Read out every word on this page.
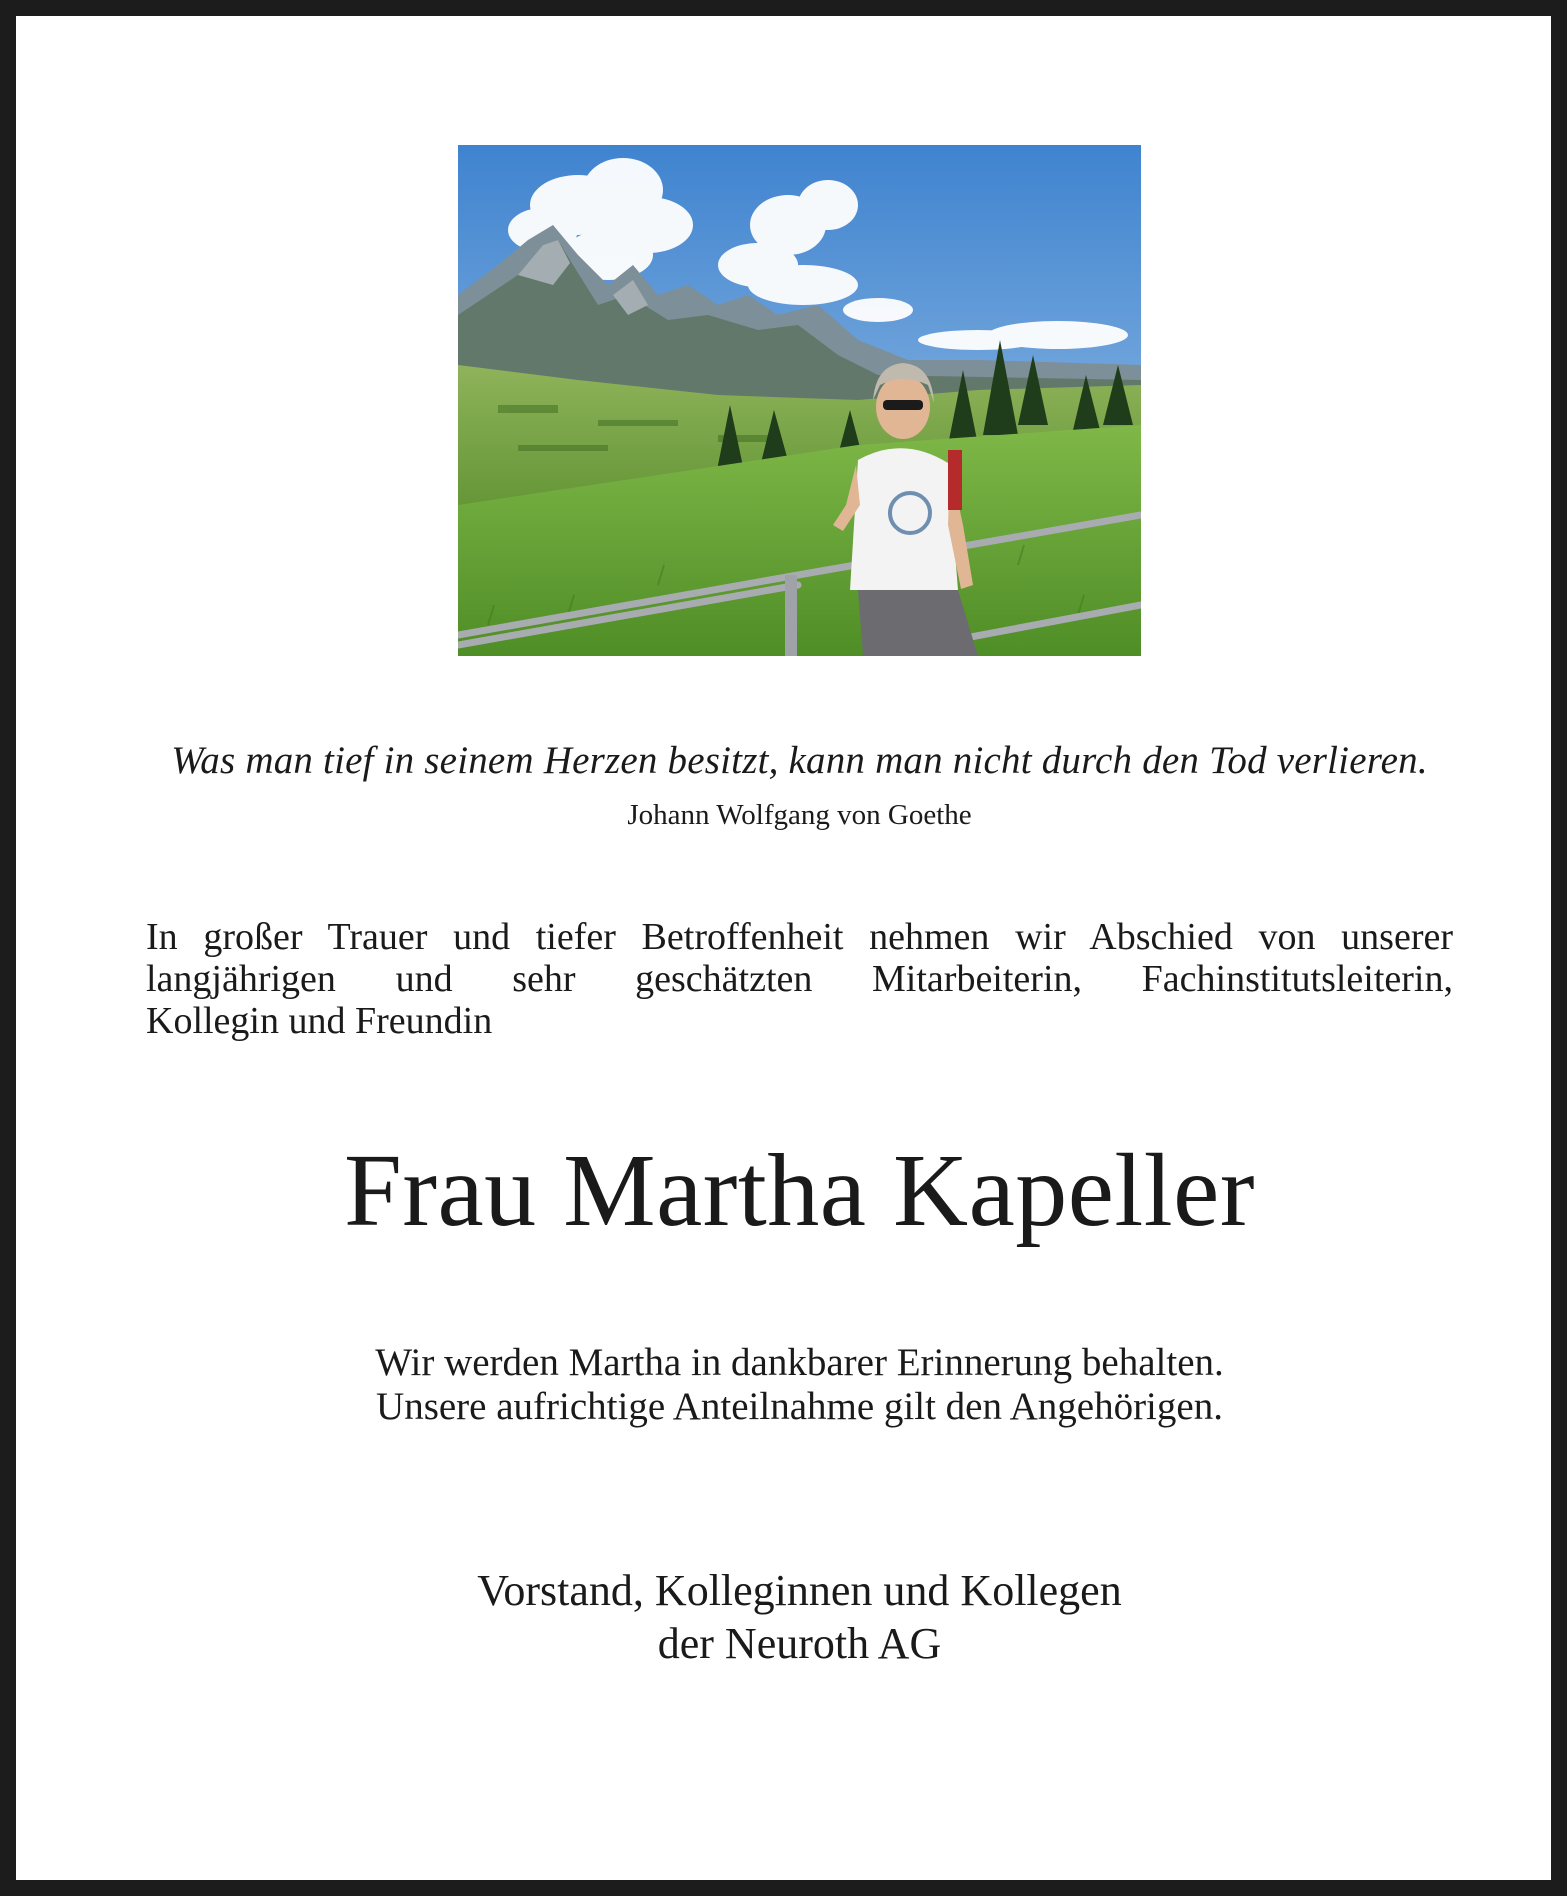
Was man tief in seinem Herzen besitzt, kann man nicht durch den Tod verlieren.
Johann Wolfgang von Goethe
In großer Trauer und tiefer Betroffenheit nehmen wir Abschied von unserer
langjährigen und sehr geschätzten Mitarbeiterin, Fachinstitutsleiterin,
Kollegin und Freundin
Frau Martha Kapeller
Wir werden Martha in dankbarer Erinnerung behalten.
Unsere aufrichtige Anteilnahme gilt den Angehörigen.
Vorstand, Kolleginnen und Kollegen
der Neuroth AG
